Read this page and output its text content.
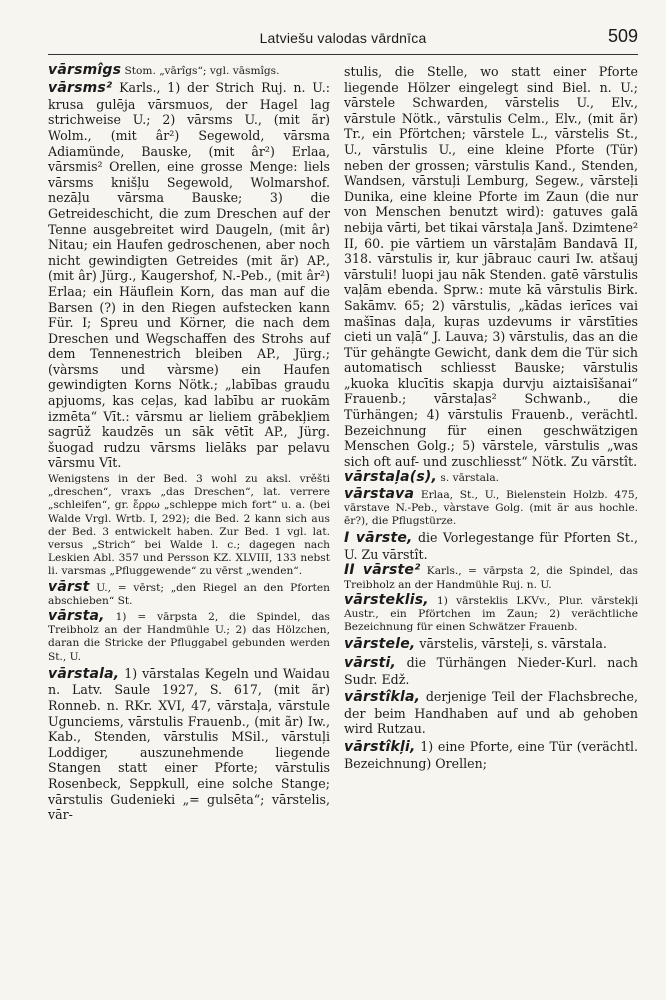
Latviešu valodas vārdnīca	509

vārsmîgs Stom. „vārîgs“; vgl. vāsmîgs.

vārsms² Karls., 1) der Strich Ruj. n. U.: krusa gulēja vārsmuos, der Hagel lag strichweise U.; 2) vārsms U., (mit ãr) Wolm., (mit âr²) Segewold, vārsma Adiamünde, Bauske, (mit âr²) Erlaa, vārsmis² Orellen, eine grosse Menge: liels vārsms knišļu Segewold, Wolmarshof. nezāļu vārsma Bauske; 3) die Getreideschicht, die zum Dreschen auf der Tenne ausgebreitet wird Daugeln, (mit âr) Nitau; ein Haufen gedroschenen, aber noch nicht gewindigten Getreides (mit ãr) AP., (mit âr) Jürg., Kaugershof, N.-Peb., (mit âr²) Erlaa; ein Häuflein Korn, das man auf die Barsen (?) in den Riegen aufstecken kann Für. I; Spreu und Körner, die nach dem Dreschen und Wegschaffen des Strohs auf dem Tennenestrich bleiben AP., Jürg.; (vàrsms und vàrsme) ein Haufen gewindigten Korns Nötk.; „labības graudu apjuoms, kas ceļas, kad labību ar ruokām izmēta“ Vīt.: vārsmu ar lieliem grābekļiem sagrūž kaudzēs un sāk vētīt AP., Jürg. šuogad rudzu vārsms lielāks par pelavu vārsmu Vīt.

Wenigstens in der Bed. 3 wohl zu aksl. vrěšti „dreschen“, vraxъ „das Dreschen“, lat. verrere „schleifen“, gr. ἔρρω „schleppe mich fort“ u. a. (bei Walde Vrgl. Wrtb. I, 292); die Bed. 2 kann sich aus der Bed. 3 entwickelt haben. Zur Bed. 1 vgl. lat. versus „Strich“ bei Walde l. c.; dagegen nach Leskien Abl. 357 und Persson KZ. XLVIII, 133 nebst li. varsmas „Pfluggewende“ zu vērst „wenden“.

vārst U., = vērst; „den Riegel an den Pforten abschieben“ St.

vārsta, 1) = vārpsta 2, die Spindel, das Treibholz an der Handmühle U.; 2) das Hölzchen, daran die Stricke der Pfluggabel gebunden werden St., U.

vārstala, 1) vārstalas Kegeln und Waidau n. Latv. Saule 1927, S. 617, (mit ãr) Ronneb. n. RKr. XVI, 47, vārstaļa, vārstule Ugunciems, vārstulis Frauenb., (mit ãr) Iw., Kab., Stenden, vārstulis MSil., vārstuļi Loddiger, auszunehmende liegende Stangen statt einer Pforte; vārstulis Rosenbeck, Seppkull, eine solche Stange; vārstulis Gudenieki „= gulsēta“; vārstelis, vār-

stulis, die Stelle, wo statt einer Pforte liegende Hölzer eingelegt sind Biel. n. U.; vārstele Schwarden, vārstelis U., Elv., vārstule Nötk., vārstulis Celm., Elv., (mit ãr) Tr., ein Pförtchen; vārstele L., vārstelis St., U., vārstulis U., eine kleine Pforte (Tür) neben der grossen; vārstulis Kand., Stenden, Wandsen, vārstuļi Lemburg, Segew., vārsteļi Dunika, eine kleine Pforte im Zaun (die nur von Menschen benutzt wird): gatuves galā nebija vārti, bet tikai vārstaļa Janš. Dzimtene² II, 60. pie vārtiem un vārstaļām Bandavā II, 318. vārstulis ir, kur jābrauc cauri Iw. atšauj vārstuli! luopi jau nāk Stenden. gatē vārstulis vaļām ebenda. Sprw.: mute kā vārstulis Birk. Sakāmv. 65; 2) vārstulis, „kādas ierīces vai mašīnas daļa, kuŗas uzdevums ir vārstīties cieti un vaļā“ J. Lauva; 3) vārstulis, das an die Tür gehängte Gewicht, dank dem die Tür sich automatisch schliesst Bauske; vārstulis „kuoka klucītis skapja durvju aiztaisīšanai“ Frauenb.; vārstaļas² Schwanb., die Türhängen; 4) vārstulis Frauenb., verächtl. Bezeichnung für einen geschwätzigen Menschen Golg.; 5) vārstele, vārstulis „was sich oft auf- und zuschliesst“ Nötk. Zu vārstît.

vārstaļa(s), s. vārstala.

vārstava Erlaa, St., U., Bielenstein Holzb. 475, vārstave N.-Peb., vàrstave Golg. (mit ãr aus hochle. ēr?), die Pflugstürze.

I vārste, die Vorlegestange für Pforten St., U. Zu vārstît.

II vārste² Karls., = vārpsta 2, die Spindel, das Treibholz an der Handmühle Ruj. n. U.

vārsteklis, 1) vārsteklis LKVv., Plur. vārstekļi Austr., ein Pförtchen im Zaun; 2) verächtliche Bezeichnung für einen Schwätzer Frauenb.

vārstele, vārstelis, vārsteļi, s. vārstala.

vārsti, die Türhängen Nieder-Kurl. nach Sudr. Edž.

vārstîkla, derjenige Teil der Flachsbreche, der beim Handhaben auf und ab gehoben wird Rutzau.

vārstîkļi, 1) eine Pforte, eine Tür (verächtl. Bezeichnung) Orellen;
